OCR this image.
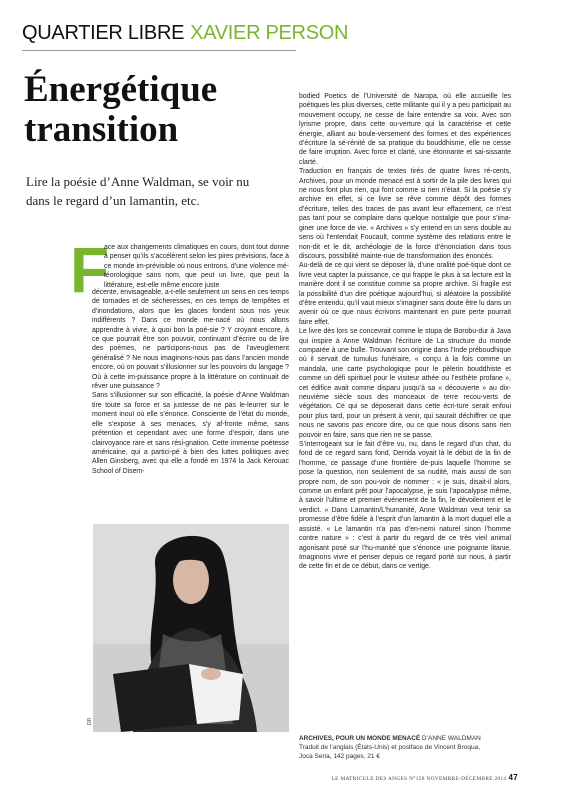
QUARTIER LIBRE XAVIER PERSON
Énergétique
transition
Lire la poésie d’Anne Waldman, se voir nu dans le regard d’un lamantin, etc.
F
ace aux changements climatiques en cours, dont tout donne à penser qu’ils s’accélèrent selon les pires prévisions, face à ce monde im-prévisible où nous entrons, d’une violence mé-téorologique sans nom, que peut un livre, que peut la littérature, est-elle même encore juste

décente, envisageable, a-t-elle seulement un sens en ces temps de tornades et de sécheresses, en ces temps de tempêtes et d’inondations, alors que les glaces fondent sous nos yeux indifférents ? Dans ce monde me-nacé où nous allons apprendre à vivre, à quoi bon la poé-sie ? Y croyant encore, à ce que pourrait être son pouvoir, continuant d’écrire ou de lire des poèmes, ne participons-nous pas de l’aveuglement généralisé ? Ne nous imaginons-nous pas dans l’ancien monde encore, où on pouvait s’illusionner sur les pouvoirs du langage ? Où à cette im-puissance propre à la littérature on continuait de rêver une puissance ?

Sans s’illusionner sur son efficacité, la poésie d’Anne Waldman tire toute sa force et sa justesse de ne pas le-leurrer sur le moment inouï où elle s’énonce. Consciente de l’état du monde, elle s’expose à ses menaces, s’y af-fronte même, sans prétention et cependant avec une forme d’espoir, dans une clairvoyance rare et sans rési-gnation. Cette immense poétesse américaine, qui a partici-pé à bien des luttes politiques avec Allen Ginsberg, avec qui elle a fondé en 1974 la Jack Kerouac School of Disem-

DR

bodied Poetics de l’Université de Naropa, où elle accueille les poétiques les plus diverses, cette militante qui il y a peu participait au mouvement occupy, ne cesse de faire entendre sa voix. Avec son lyrisme propre, dans cette ou-verture qui la caractérise et cette énergie, alliant au boule-versement des formes et des expériences d’écriture la sé-rénité de sa pratique du bouddhisme, elle ne cesse de faire irruption. Avec force et clarté, une étonnante et sai-sissante clarté.

Traduction en français de textes tirés de quatre livres ré-cents, Archives, pour un monde menacé est à sortir de la pile des livres qui ne nous font plus rien, qui font comme si rien n’était. Si la poésie s’y archive en effet, si ce livre se rêve comme dépôt des formes d’écriture, telles des traces de pas avant leur effacement, ce n’est pas tant pour se complaire dans quelque nostalgie que pour s’ima-giner une force de vie. « Archives » s’y entend en un sens double au sens où l’entendait Foucault, comme système des relations entre le non-dit et le dit, archéologie de la force d’énonciation dans tous discours, possibilité mainte-nue de transformation des énoncés.

Au-delà de ce qui vient se déposer là, d’une oralité poé-tique dont ce livre veut capter la puissance, ce qui frappe le plus à sa lecture est la manière dont il se constitue comme sa propre archive. Si fragile est la possibilité d’un dire poétique aujourd’hui, si aléatoire la possibilité d’être entendu, qu’il vaut mieux s’imaginer sans doute être lu dans un avenir où ce que nous écrivons maintenant en pure perte pourrait faire effet.

Le livre dès lors se concevrait comme le stupa de Borobu-dur à Java qui inspire à Anne Waldman l’écriture de La structure du monde comparée à une bulle. Trouvant son origine dans l’Inde préboudhique où il servait de tumulus funéraire, « conçu à la fois comme un mandala, une carte psychologique pour le pèlerin bouddhiste et comme un défi spirituel pour le visiteur athée ou l’esthète profane », cet édifice avait comme disparu jusqu’à sa « découverte » au dix-neuvième siècle sous des monceaux de terre recou-verts de végétation. Ce qui se déposerait dans cette écri-ture serait enfoui pour plus tard, pour un présent à venir, qui saurait déchiffrer ce que nous ne savons pas encore dire, ou ce que nous disons sans rien pouvoir en faire, sans que rien ne se passe.

S’interrogeant sur le fait d’être vu, nu, dans le regard d’un chat, du fond de ce regard sans fond, Derrida voyait là le début de la fin de l’homme, ce passage d’une frontière de-puis laquelle l’homme se pose la question, non seulement de sa nudité, mais aussi de son propre nom, de son pou-voir de nommer : « je suis, disait-il alors, comme un enfant prêt pour l’apocalypse, je suis l’apocalypse même, à savoir l’ultime et premier événement de la fin, le dévoilement et le verdict. » Dans Lamantin/L’humanité, Anne Waldman veut tenir sa promesse d’être fidèle à l’esprit d’un lamantin à la mort duquel elle a assisté. « Le lamantin n’a pas d’en-nemi naturel sinon l’homme contre nature » : c’est à partir du regard de ce très vieil animal agonisant posé sur l’hu-manité que s’énonce une poignante litanie. Imaginons vivre et penser depuis ce regard porté sur nous, à partir de cette fin et de ce début, dans ce vertige.

ARCHIVES, POUR UN MONDE MENACÉ D’ANNE WALDMAN
Traduit de l’anglais (États-Unis) et postface de Vincent Broqua,
Joca Seria, 142 pages, 21 €
LE MATRICULE DES ANGES N°158 NOVEMBRE-DÉCEMBRE 2014 47
